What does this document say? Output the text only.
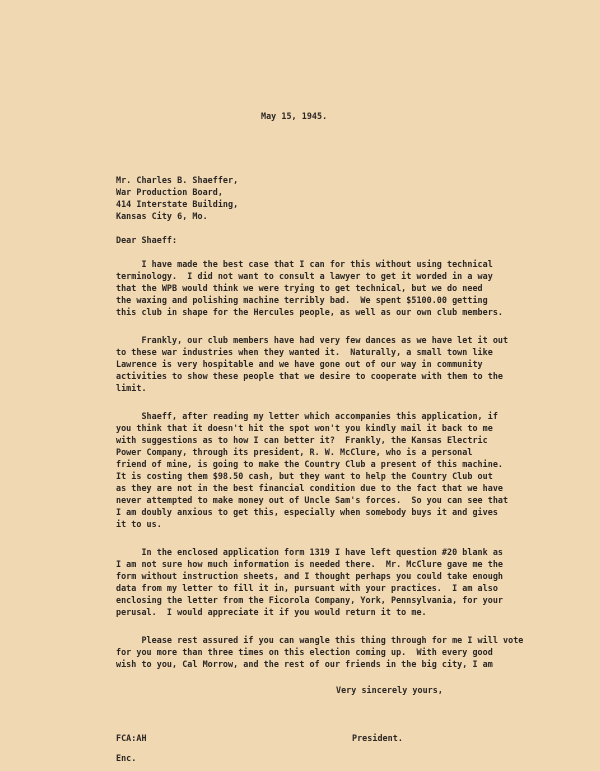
May 15, 1945.
Mr. Charles B. Shaeffer,
War Production Board,
414 Interstate Building,
Kansas City 6, Mo.
Dear Shaeff:
I have made the best case that I can for this without using technical
terminology.  I did not want to consult a lawyer to get it worded in a way
that the WPB would think we were trying to get technical, but we do need
the waxing and polishing machine terribly bad.  We spent $5100.00 getting
this club in shape for the Hercules people, as well as our own club members.
Frankly, our club members have had very few dances as we have let it out
to these war industries when they wanted it.  Naturally, a small town like
Lawrence is very hospitable and we have gone out of our way in community
activities to show these people that we desire to cooperate with them to the
limit.
Shaeff, after reading my letter which accompanies this application, if
you think that it doesn't hit the spot won't you kindly mail it back to me
with suggestions as to how I can better it?  Frankly, the Kansas Electric
Power Company, through its president, R. W. McClure, who is a personal
friend of mine, is going to make the Country Club a present of this machine.
It is costing them $98.50 cash, but they want to help the Country Club out
as they are not in the best financial condition due to the fact that we have
never attempted to make money out of Uncle Sam's forces.  So you can see that
I am doubly anxious to get this, especially when somebody buys it and gives
it to us.
In the enclosed application form 1319 I have left question #20 blank as
I am not sure how much information is needed there.  Mr. McClure gave me the
form without instruction sheets, and I thought perhaps you could take enough
data from my letter to fill it in, pursuant with your practices.  I am also
enclosing the letter from the Ficorola Company, York, Pennsylvania, for your
perusal.  I would appreciate it if you would return it to me.
Please rest assured if you can wangle this thing through for me I will vote
for you more than three times on this election coming up.  With every good
wish to you, Cal Morrow, and the rest of our friends in the big city, I am
Very sincerely yours,
FCA:AH	President.
Enc.
